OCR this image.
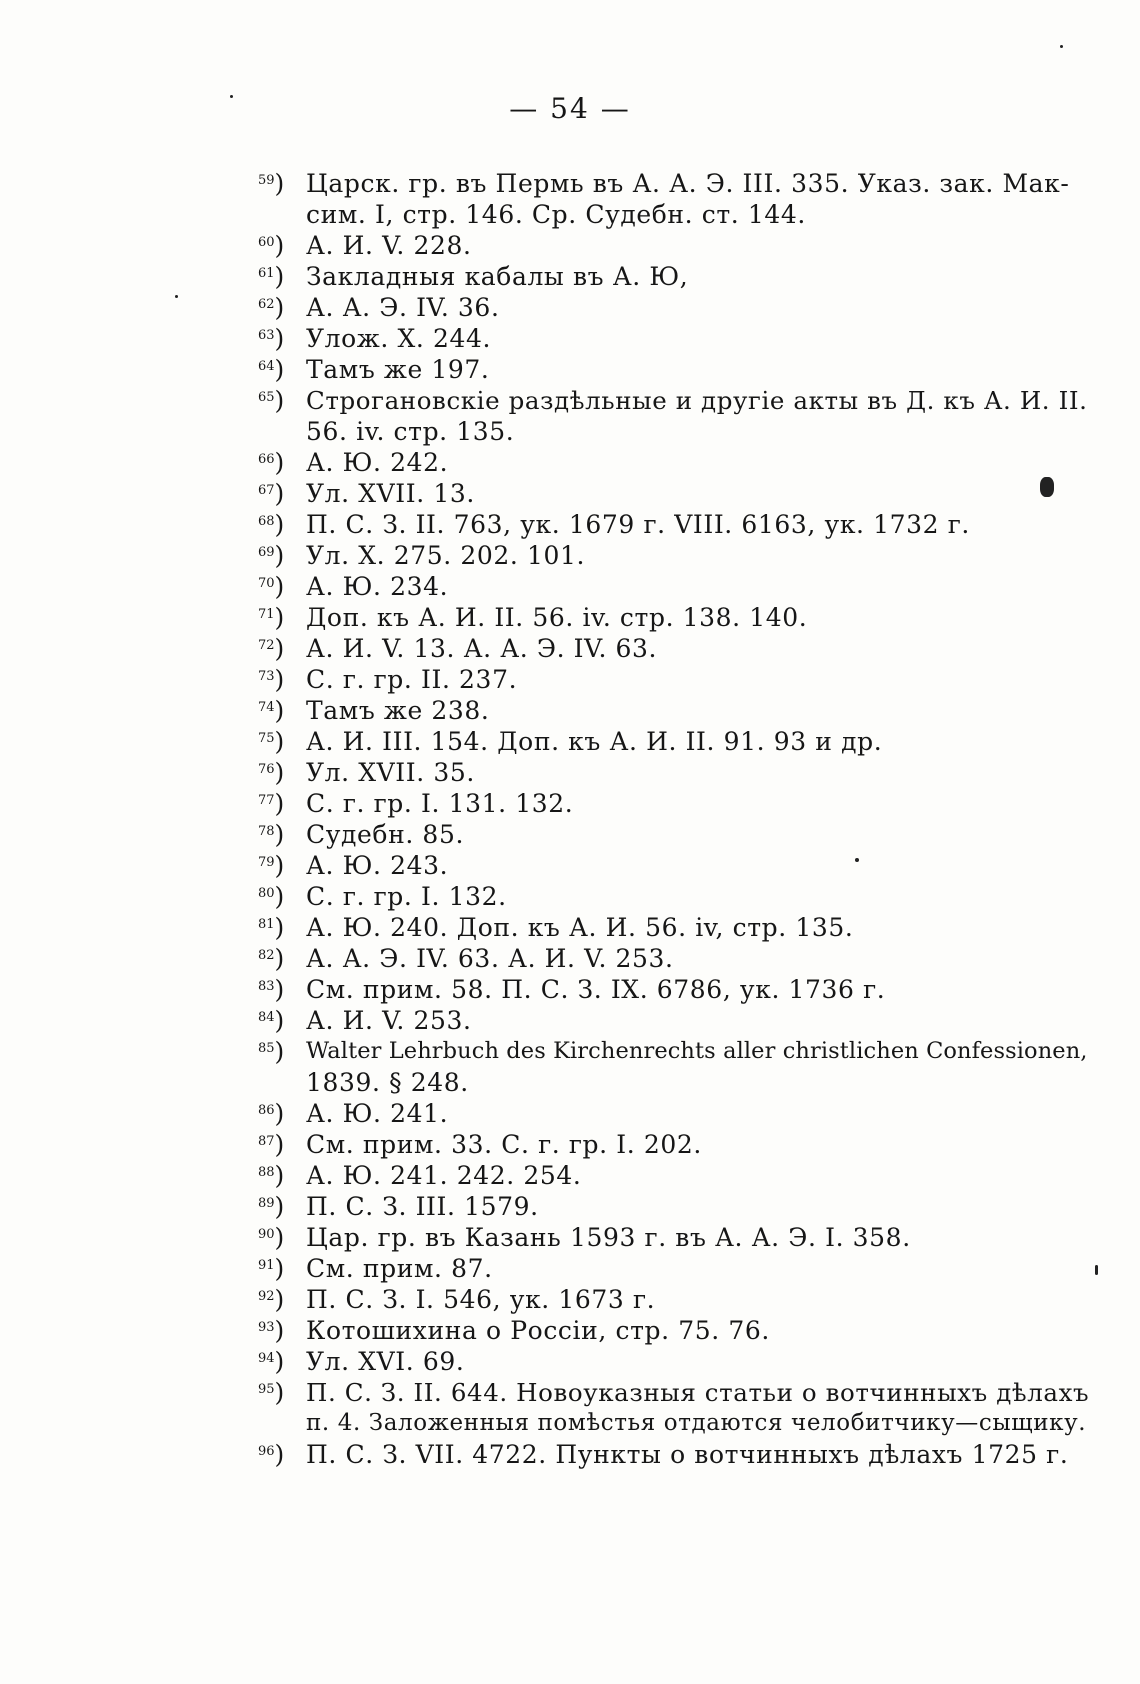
— 54 —
$^{59}$) Царск. гр. въ Пермь въ А. А. Э. III. 335. Указ. зак. Мак-
сим. I, стр. 146. Ср. Судебн. ст. 144.
$^{60}$) А. И. V. 228.
$^{61}$) Закладныя кабалы въ А. Ю,
$^{62}$) А. А. Э. IV. 36.
$^{63}$) Улож. X. 244.
$^{64}$) Тамъ же 197.
$^{65}$) Строгановскіе раздѣльные и другіе акты въ Д. къ А. И. II.
56. iv. стр. 135.
$^{66}$) А. Ю. 242.
$^{67}$) Ул. XVII. 13.
$^{68}$) П. С. З. II. 763, ук. 1679 г. VIII. 6163, ук. 1732 г.
$^{69}$) Ул. X. 275. 202. 101.
$^{70}$) А. Ю. 234.
$^{71}$) Доп. къ А. И. II. 56. iv. стр. 138. 140.
$^{72}$) А. И. V. 13. А. А. Э. IV. 63.
$^{73}$) С. г. гр. II. 237.
$^{74}$) Тамъ же 238.
$^{75}$) А. И. III. 154. Доп. къ А. И. II. 91. 93 и др.
$^{76}$) Ул. XVII. 35.
$^{77}$) С. г. гр. I. 131. 132.
$^{78}$) Судебн. 85.
$^{79}$) А. Ю. 243.
$^{80}$) С. г. гр. I. 132.
$^{81}$) А. Ю. 240. Доп. къ А. И. 56. iv, стр. 135.
$^{82}$) А. А. Э. IV. 63. А. И. V. 253.
$^{83}$) См. прим. 58. П. С. З. IX. 6786, ук. 1736 г.
$^{84}$) А. И. V. 253.
$^{85}$) Walter Lehrbuch des Kirchenrechts aller christlichen Confessionen,
1839. § 248.
$^{86}$) А. Ю. 241.
$^{87}$) См. прим. 33. С. г. гр. I. 202.
$^{88}$) А. Ю. 241. 242. 254.
$^{89}$) П. С. З. III. 1579.
$^{90}$) Цар. гр. въ Казань 1593 г. въ А. А. Э. I. 358.
$^{91}$) См. прим. 87.
$^{92}$) П. С. З. I. 546, ук. 1673 г.
$^{93}$) Котошихина о Россіи, стр. 75. 76.
$^{94}$) Ул. XVI. 69.
$^{95}$) П. С. З. II. 644. Новоуказныя статьи о вотчинныхъ дѣлахъ
п. 4. Заложенныя помѣстья отдаются челобитчику—сыщику.
$^{96}$) П. С. З. VII. 4722. Пункты о вотчинныхъ дѣлахъ 1725 г.
